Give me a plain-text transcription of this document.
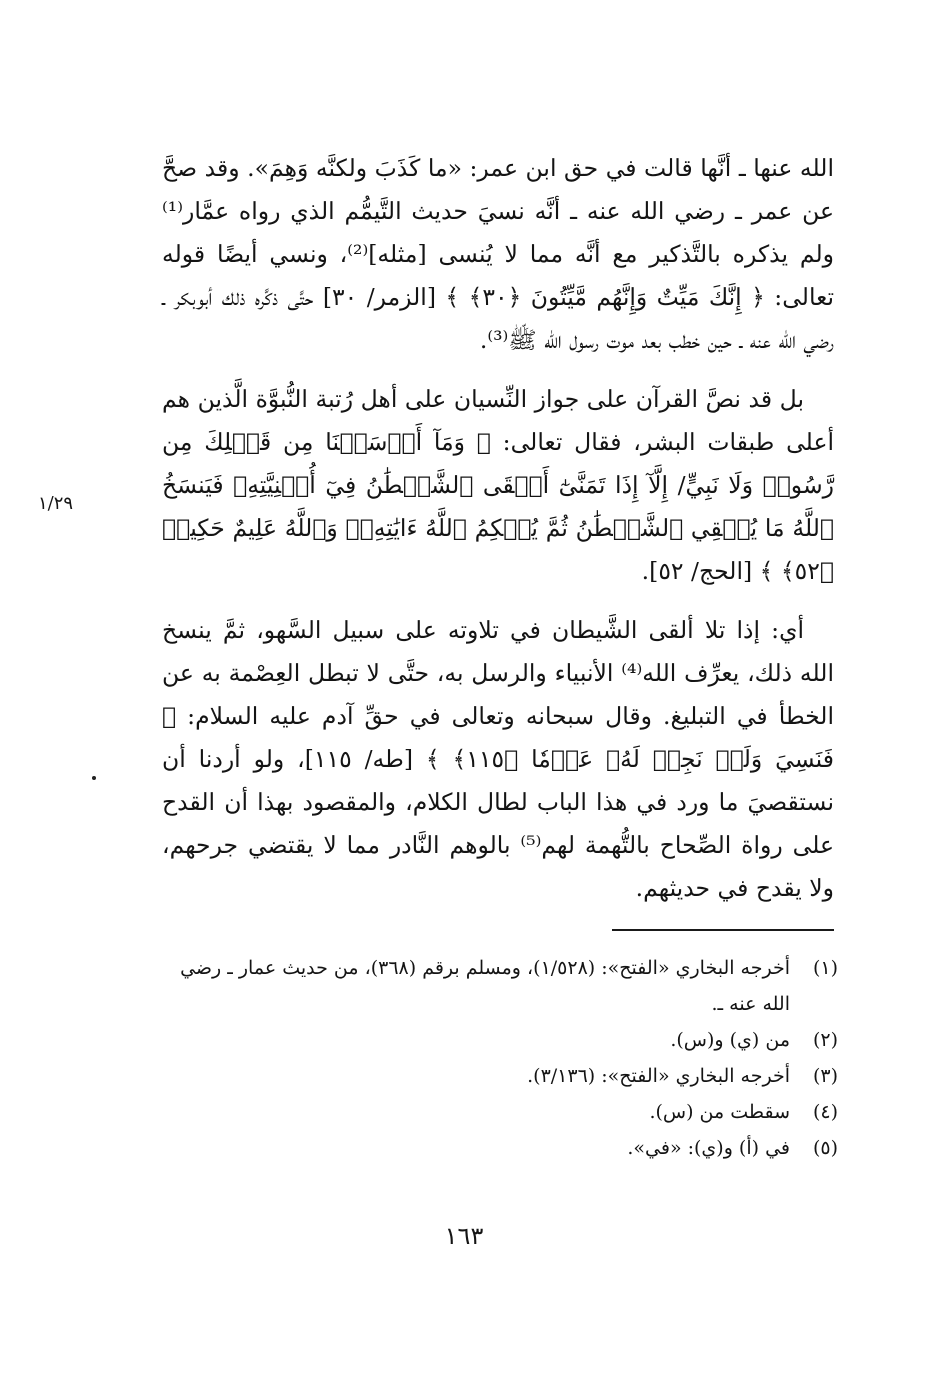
الله عنها ـ أنَّها قالت في حق ابن عمر: «ما كَذَبَ ولكنَّه وَهِمَ». وقد صحَّ عن عمر ـ رضي الله عنه ـ أنَّه نسيَ حديث التَّيمُّم الذي رواه عمَّار⁽¹⁾ ولم يذكره بالتَّذكير مع أنَّه مما لا يُنسى [مثله]⁽²⁾، ونسي أيضًا قوله تعالى: ﴿ إِنَّكَ مَيِّتٌ وَإِنَّهُم مَّيِّتُونَ ﴿٣٠﴾ ﴾ [الزمر/ ٣٠] حتَّى ذكَّره ذلك أبوبكر ـ رضي الله عنه ـ حين خطب بعد موت رسول الله ﷺ⁽³⁾.

بل قد نصَّ القرآن على جواز النِّسيان على أهل رُتبة النُّبوَّة الَّذين هم أعلى طبقات البشر، فقال تعالى: ﴿ وَمَآ أَرۡسَلۡنَا مِن قَبۡلِكَ مِن رَّسُولٖ وَلَا نَبِيٍّ/ إِلَّآ إِذَا تَمَنَّىٰٓ أَلۡقَى ٱلشَّيۡطَٰنُ فِيٓ أُمۡنِيَّتِهِۦ فَيَنسَخُ ٱللَّهُ مَا يُلۡقِي ٱلشَّيۡطَٰنُ ثُمَّ يُحۡكِمُ ٱللَّهُ ءَايَٰتِهِۦۗ وَٱللَّهُ عَلِيمٌ حَكِيمٞ ﴿٥٢﴾ ﴾ [الحج/ ٥٢].

أي: إذا تلا ألقى الشَّيطان في تلاوته على سبيل السَّهو، ثمَّ ينسخ الله ذلك، يعرِّف الله⁽⁴⁾ الأنبياء والرسل به، حتَّى لا تبطل العِصْمة به عن الخطأ في التبليغ. وقال سبحانه وتعالى في حقِّ آدم عليه السلام: ﴿ فَنَسِيَ وَلَمۡ نَجِدۡ لَهُۥ عَزۡمٗا ﴿١١٥﴾ ﴾ [طه/ ١١٥]، ولو أردنا أن نستقصيَ ما ورد في هذا الباب لطال الكلام، والمقصود بهذا أن القدح على رواة الصِّحاح بالتُّهمة لهم⁽⁵⁾ بالوهم النَّادر مما لا يقتضي جرحهم، ولا يقدح في حديثهم.

١/٢٩
(١)
أخرجه البخاري «الفتح»: (١/٥٢٨)، ومسلم برقم (٣٦٨)، من حديث عمار ـ رضي الله عنه ـ.
(٢)
من (ي) و(س).
(٣)
أخرجه البخاري «الفتح»: (٣/١٣٦).
(٤)
سقطت من (س).
(٥)
في (أ) و(ي): «في».
١٦٣
